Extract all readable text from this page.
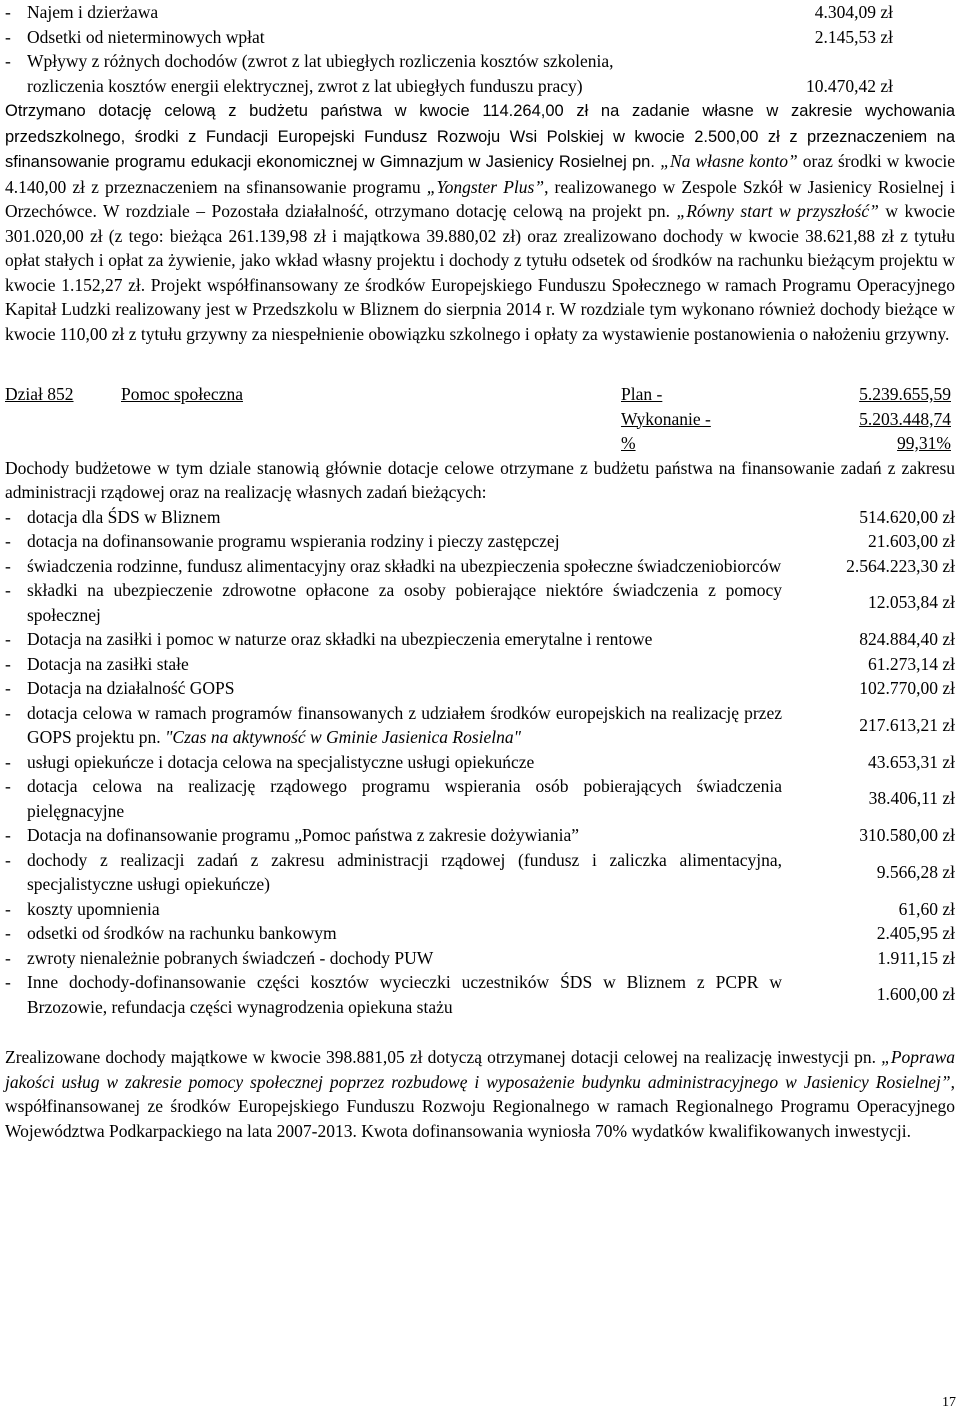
- Najem i dzierżawa	4.304,09 zł
- Odsetki od nieterminowych wpłat	2.145,53 zł
- Wpływy z różnych dochodów (zwrot z lat ubiegłych rozliczenia kosztów szkolenia, rozliczenia kosztów energii elektrycznej, zwrot z lat ubiegłych funduszu pracy)	10.470,42 zł

Otrzymano dotację celową z budżetu państwa w kwocie 114.264,00 zł na zadanie własne w zakresie wychowania przedszkolnego, środki z Fundacji Europejski Fundusz Rozwoju Wsi Polskiej w kwocie 2.500,00 zł z przeznaczeniem na sfinansowanie programu edukacji ekonomicznej w Gimnazjum w Jasienicy Rosielnej pn. „Na własne konto” oraz środki w kwocie 4.140,00 zł z przeznaczeniem na sfinansowanie programu „Yongster Plus”, realizowanego w Zespole Szkół w Jasienicy Rosielnej i Orzechówce. W rozdziale – Pozostała działalność, otrzymano dotację celową na projekt pn. „Równy start w przyszłość” w kwocie 301.020,00 zł (z tego: bieżąca 261.139,98 zł i majątkowa 39.880,02 zł) oraz zrealizowano dochody w kwocie 38.621,88 zł z tytułu opłat stałych i opłat za żywienie, jako wkład własny projektu i dochody z tytułu odsetek od środków na rachunku bieżącym projektu w kwocie 1.152,27 zł. Projekt współfinansowany ze środków Europejskiego Funduszu Społecznego w ramach Programu Operacyjnego Kapitał Ludzki realizowany jest w Przedszkolu w Bliznem do sierpnia 2014 r. W rozdziale tym wykonano również dochody bieżące w kwocie 110,00 zł z tytułu grzywny za niespełnienie obowiązku szkolnego i opłaty za wystawienie postanowienia o nałożeniu grzywny.

Dział 852	Pomoc społeczna	Plan -	5.239.655,59
Wykonanie -	5.203.448,74
%	99,31%

Dochody budżetowe w tym dziale stanowią głównie dotacje celowe otrzymane z budżetu państwa na finansowanie zadań z zakresu administracji rządowej oraz na realizację własnych zadań bieżących:

- dotacja dla ŚDS w Bliznem	514.620,00 zł
- dotacja na dofinansowanie programu wspierania rodziny i pieczy zastępczej	21.603,00 zł
- świadczenia rodzinne, fundusz alimentacyjny oraz składki na ubezpieczenia społeczne świadczeniobiorców	2.564.223,30 zł
- składki na ubezpieczenie zdrowotne opłacone za osoby pobierające niektóre świadczenia z pomocy społecznej
12.053,84 zł
- Dotacja na zasiłki i pomoc w naturze oraz składki na ubezpieczenia emerytalne i rentowe	824.884,40 zł
- Dotacja na zasiłki stałe	61.273,14 zł
- Dotacja na działalność GOPS	102.770,00 zł
- dotacja celowa w ramach programów finansowanych z udziałem środków europejskich na realizację przez GOPS projektu pn. "Czas na aktywność w Gminie Jasienica Rosielna"
217.613,21 zł
- usługi opiekuńcze i dotacja celowa na specjalistyczne usługi opiekuńcze	43.653,31 zł
- dotacja celowa na realizację rządowego programu wspierania osób pobierających świadczenia pielęgnacyjne
38.406,11 zł
- Dotacja na dofinansowanie programu „Pomoc państwa z zakresie dożywiania”	310.580,00 zł
- dochody z realizacji zadań z zakresu administracji rządowej (fundusz i zaliczka alimentacyjna, specjalistyczne usługi opiekuńcze)
9.566,28 zł
- koszty upomnienia	61,60 zł
- odsetki od środków na rachunku bankowym	2.405,95 zł
- zwroty nienależnie pobranych świadczeń - dochody PUW	1.911,15 zł
- Inne dochody-dofinansowanie części kosztów wycieczki uczestników ŚDS w Bliznem z PCPR w Brzozowie, refundacja części wynagrodzenia opiekuna stażu
1.600,00 zł

Zrealizowane dochody majątkowe w kwocie 398.881,05 zł dotyczą otrzymanej dotacji celowej na realizację inwestycji pn. „Poprawa jakości usług w zakresie pomocy społecznej poprzez rozbudowę i wyposażenie budynku administracyjnego w Jasienicy Rosielnej”, współfinansowanej ze środków Europejskiego Funduszu Rozwoju Regionalnego w ramach Regionalnego Programu Operacyjnego Województwa Podkarpackiego na lata 2007-2013. Kwota dofinansowania wyniosła 70% wydatków kwalifikowanych inwestycji.

17
